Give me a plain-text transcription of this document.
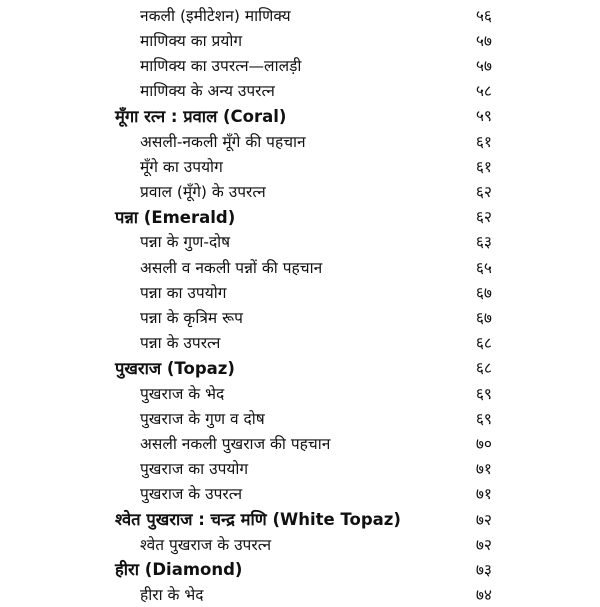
नकली (इमीटेशन) माणिक्य	५६
माणिक्य का प्रयोग	५७
माणिक्य का उपरत्न—लालड़ी	५७
माणिक्य के अन्य उपरत्न	५८
मूँगा रत्न : प्रवाल (Coral)	५९
असली-नकली मूँगे की पहचान	६१
मूँगे का उपयोग	६१
प्रवाल (मूँगे) के उपरत्न	६२
पन्ना (Emerald)	६२
पन्ना के गुण-दोष	६३
असली व नकली पन्नों की पहचान	६५
पन्ना का उपयोग	६७
पन्ना के कृत्रिम रूप	६७
पन्ना के उपरत्न	६८
पुखराज (Topaz)	६८
पुखराज के भेद	६९
पुखराज के गुण व दोष	६९
असली नकली पुखराज की पहचान	७०
पुखराज का उपयोग	७१
पुखराज के उपरत्न	७१
श्वेत पुखराज : चन्द्र मणि (White Topaz)	७२
श्वेत पुखराज के उपरत्न	७२
हीरा (Diamond)	७३
हीरा के भेद	७४
